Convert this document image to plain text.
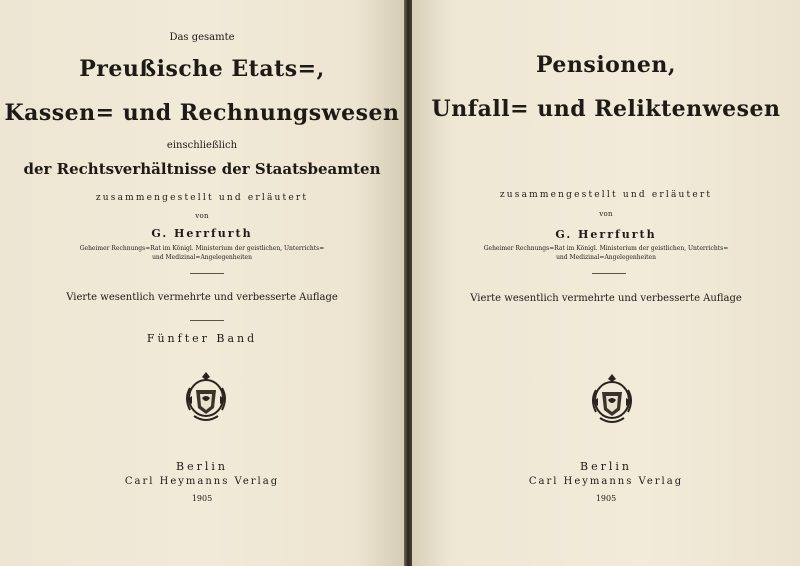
Das gesamte
Preußische Etats=,
Kassen= und Rechnungswesen
einschließlich
der Rechtsverhältnisse der Staatsbeamten
zusammengestellt und erläutert
von
G. Herrfurth
Geheimer Rechnungs=Rat im Königl. Ministerium der geistlichen, Unterrichts=
und Medizinal=Angelegenheiten
Vierte wesentlich vermehrte und verbesserte Auflage
Fünfter Band
Berlin
Carl Heymanns Verlag
1905
Pensionen,
Unfall= und Reliktenwesen
zusammengestellt und erläutert
von
G. Herrfurth
Geheimer Rechnungs=Rat im Königl. Ministerium der geistlichen, Unterrichts=
und Medizinal=Angelegenheiten
Vierte wesentlich vermehrte und verbesserte Auflage
Berlin
Carl Heymanns Verlag
1905
